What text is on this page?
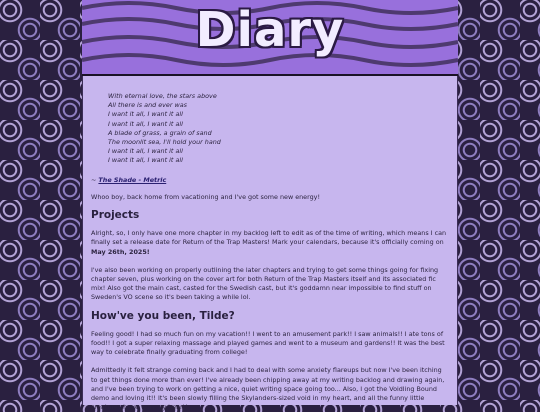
Diary
With eternal love, the stars above
All there is and ever was
I want it all, I want it all
I want it all, I want it all
A blade of grass, a grain of sand
The moonlit sea, I'll hold your hand
I want it all, I want it all
I want it all, I want it all
~ The Shade - Metric

Whoo boy, back home from vacationing and I've got some new energy!

Projects

Alright, so, I only have one more chapter in my backlog left to edit as of the time of writing, which means I can finally set a release date for Return of the Trap Masters! Mark your calendars, because it's officially coming on May 26th, 2025!

I've also been working on properly outlining the later chapters and trying to get some things going for fixing chapter seven, plus working on the cover art for both Return of the Trap Masters itself and its associated fic mix! Also got the main cast, casted for the Swedish cast, but it's goddamn near impossible to find stuff on Sweden's VO scene so it's been taking a while lol.

How've you been, Tilde?

Feeling good! I had so much fun on my vacation!! I went to an amusement park!! I saw animals!! I ate tons of food!! I got a super relaxing massage and played games and went to a museum and gardens!! It was the best way to celebrate finally graduating from college!

Admittedly it felt strange coming back and I had to deal with some anxiety flareups but now I've been itching to get things done more than ever! I've already been chipping away at my writing backlog and drawing again, and I've been trying to work on getting a nice, quiet writing space going too... Also, I got the Voidling Bound demo and loving it!! It's been slowly filling the Skylanders-sized void in my heart, and all the funny little creatures have won my heart!
